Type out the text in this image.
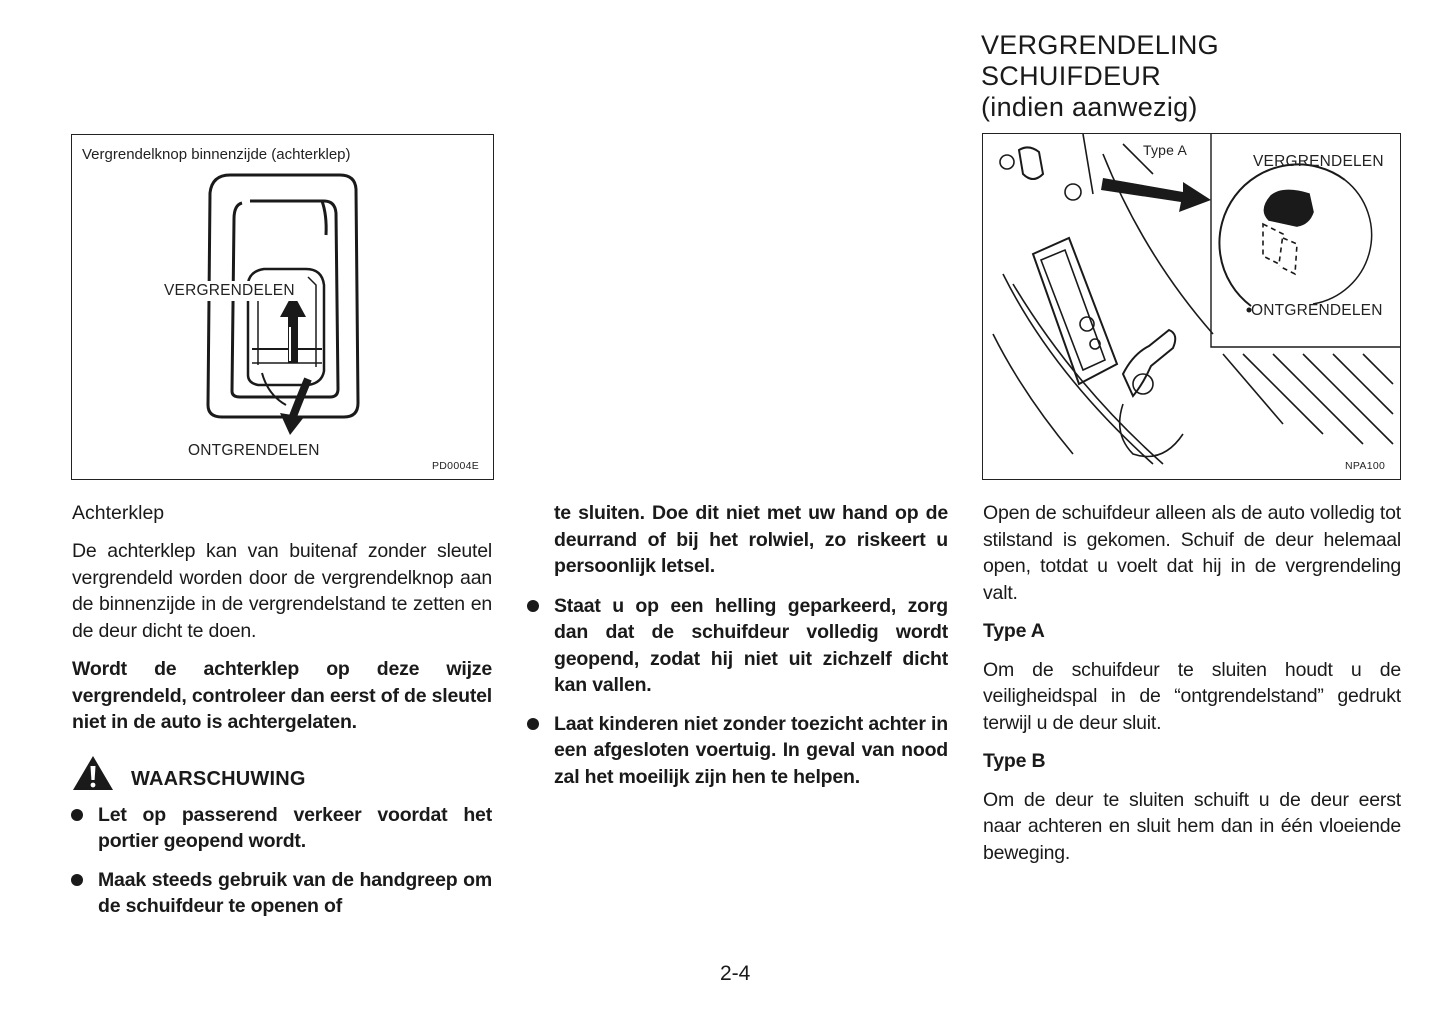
VERGRENDELING
SCHUIFDEUR
(indien aanwezig)
Vergrendelknop binnenzijde (achterklep)
VERGRENDELEN
ONTGRENDELEN
PD0004E
Type A
VERGRENDELEN
ONTGRENDELEN
NPA100

Achterklep

De achterklep kan van buitenaf zonder sleutel vergrendeld worden door de vergrendelknop aan de binnenzijde in de vergrendelstand te zetten en de deur dicht te doen.

Wordt de achterklep op deze wijze vergrendeld, controleer dan eerst of de sleutel niet in de auto is achtergelaten.

WAARSCHUWING

Let op passerend verkeer voordat het portier geopend wordt.

Maak steeds gebruik van de handgreep om de schuifdeur te openen of

te sluiten. Doe dit niet met uw hand op de deurrand of bij het rolwiel, zo riskeert u persoonlijk letsel.

Staat u op een helling geparkeerd, zorg dan dat de schuifdeur volledig wordt geopend, zodat hij niet uit zichzelf dicht kan vallen.

Laat kinderen niet zonder toezicht achter in een afgesloten voertuig. In geval van nood zal het moeilijk zijn hen te helpen.

Open de schuifdeur alleen als de auto volledig tot stilstand is gekomen. Schuif de deur helemaal open, totdat u voelt dat hij in de vergrendeling valt.

Type A

Om de schuifdeur te sluiten houdt u de veiligheidspal in de “ontgrendelstand” gedrukt terwijl u de deur sluit.

Type B

Om de deur te sluiten schuift u de deur eerst naar achteren en sluit hem dan in één vloeiende beweging.

2-4
